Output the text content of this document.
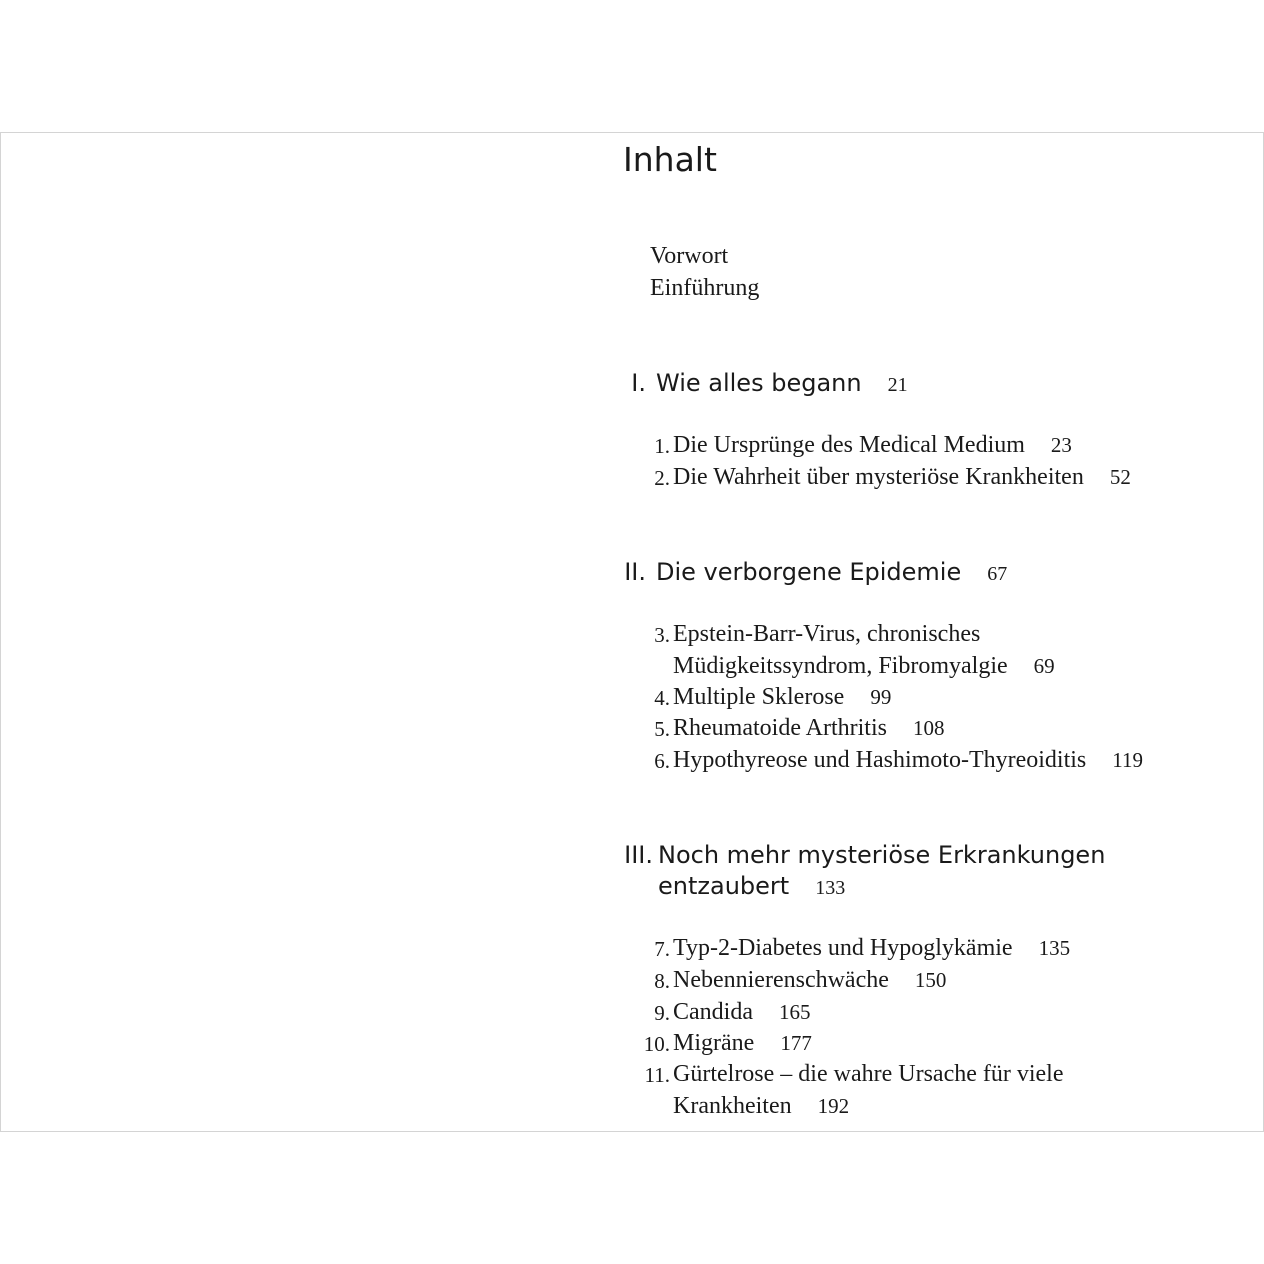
Inhalt
Vorwort
Einführung
I. Wie alles begann 21
1. Die Ursprünge des Medical Medium 23
2. Die Wahrheit über mysteriöse Krankheiten 52
II. Die verborgene Epidemie 67
3. Epstein-Barr-Virus, chronisches
Müdigkeitssyndrom, Fibromyalgie 69
4. Multiple Sklerose 99
5. Rheumatoide Arthritis 108
6. Hypothyreose und Hashimoto-Thyreoiditis 119
III. Noch mehr mysteriöse Erkrankungen
entzaubert 133
7. Typ-2-Diabetes und Hypoglykämie 135
8. Nebennierenschwäche 150
9. Candida 165
10. Migräne 177
11. Gürtelrose – die wahre Ursache für viele
Krankheiten 192
